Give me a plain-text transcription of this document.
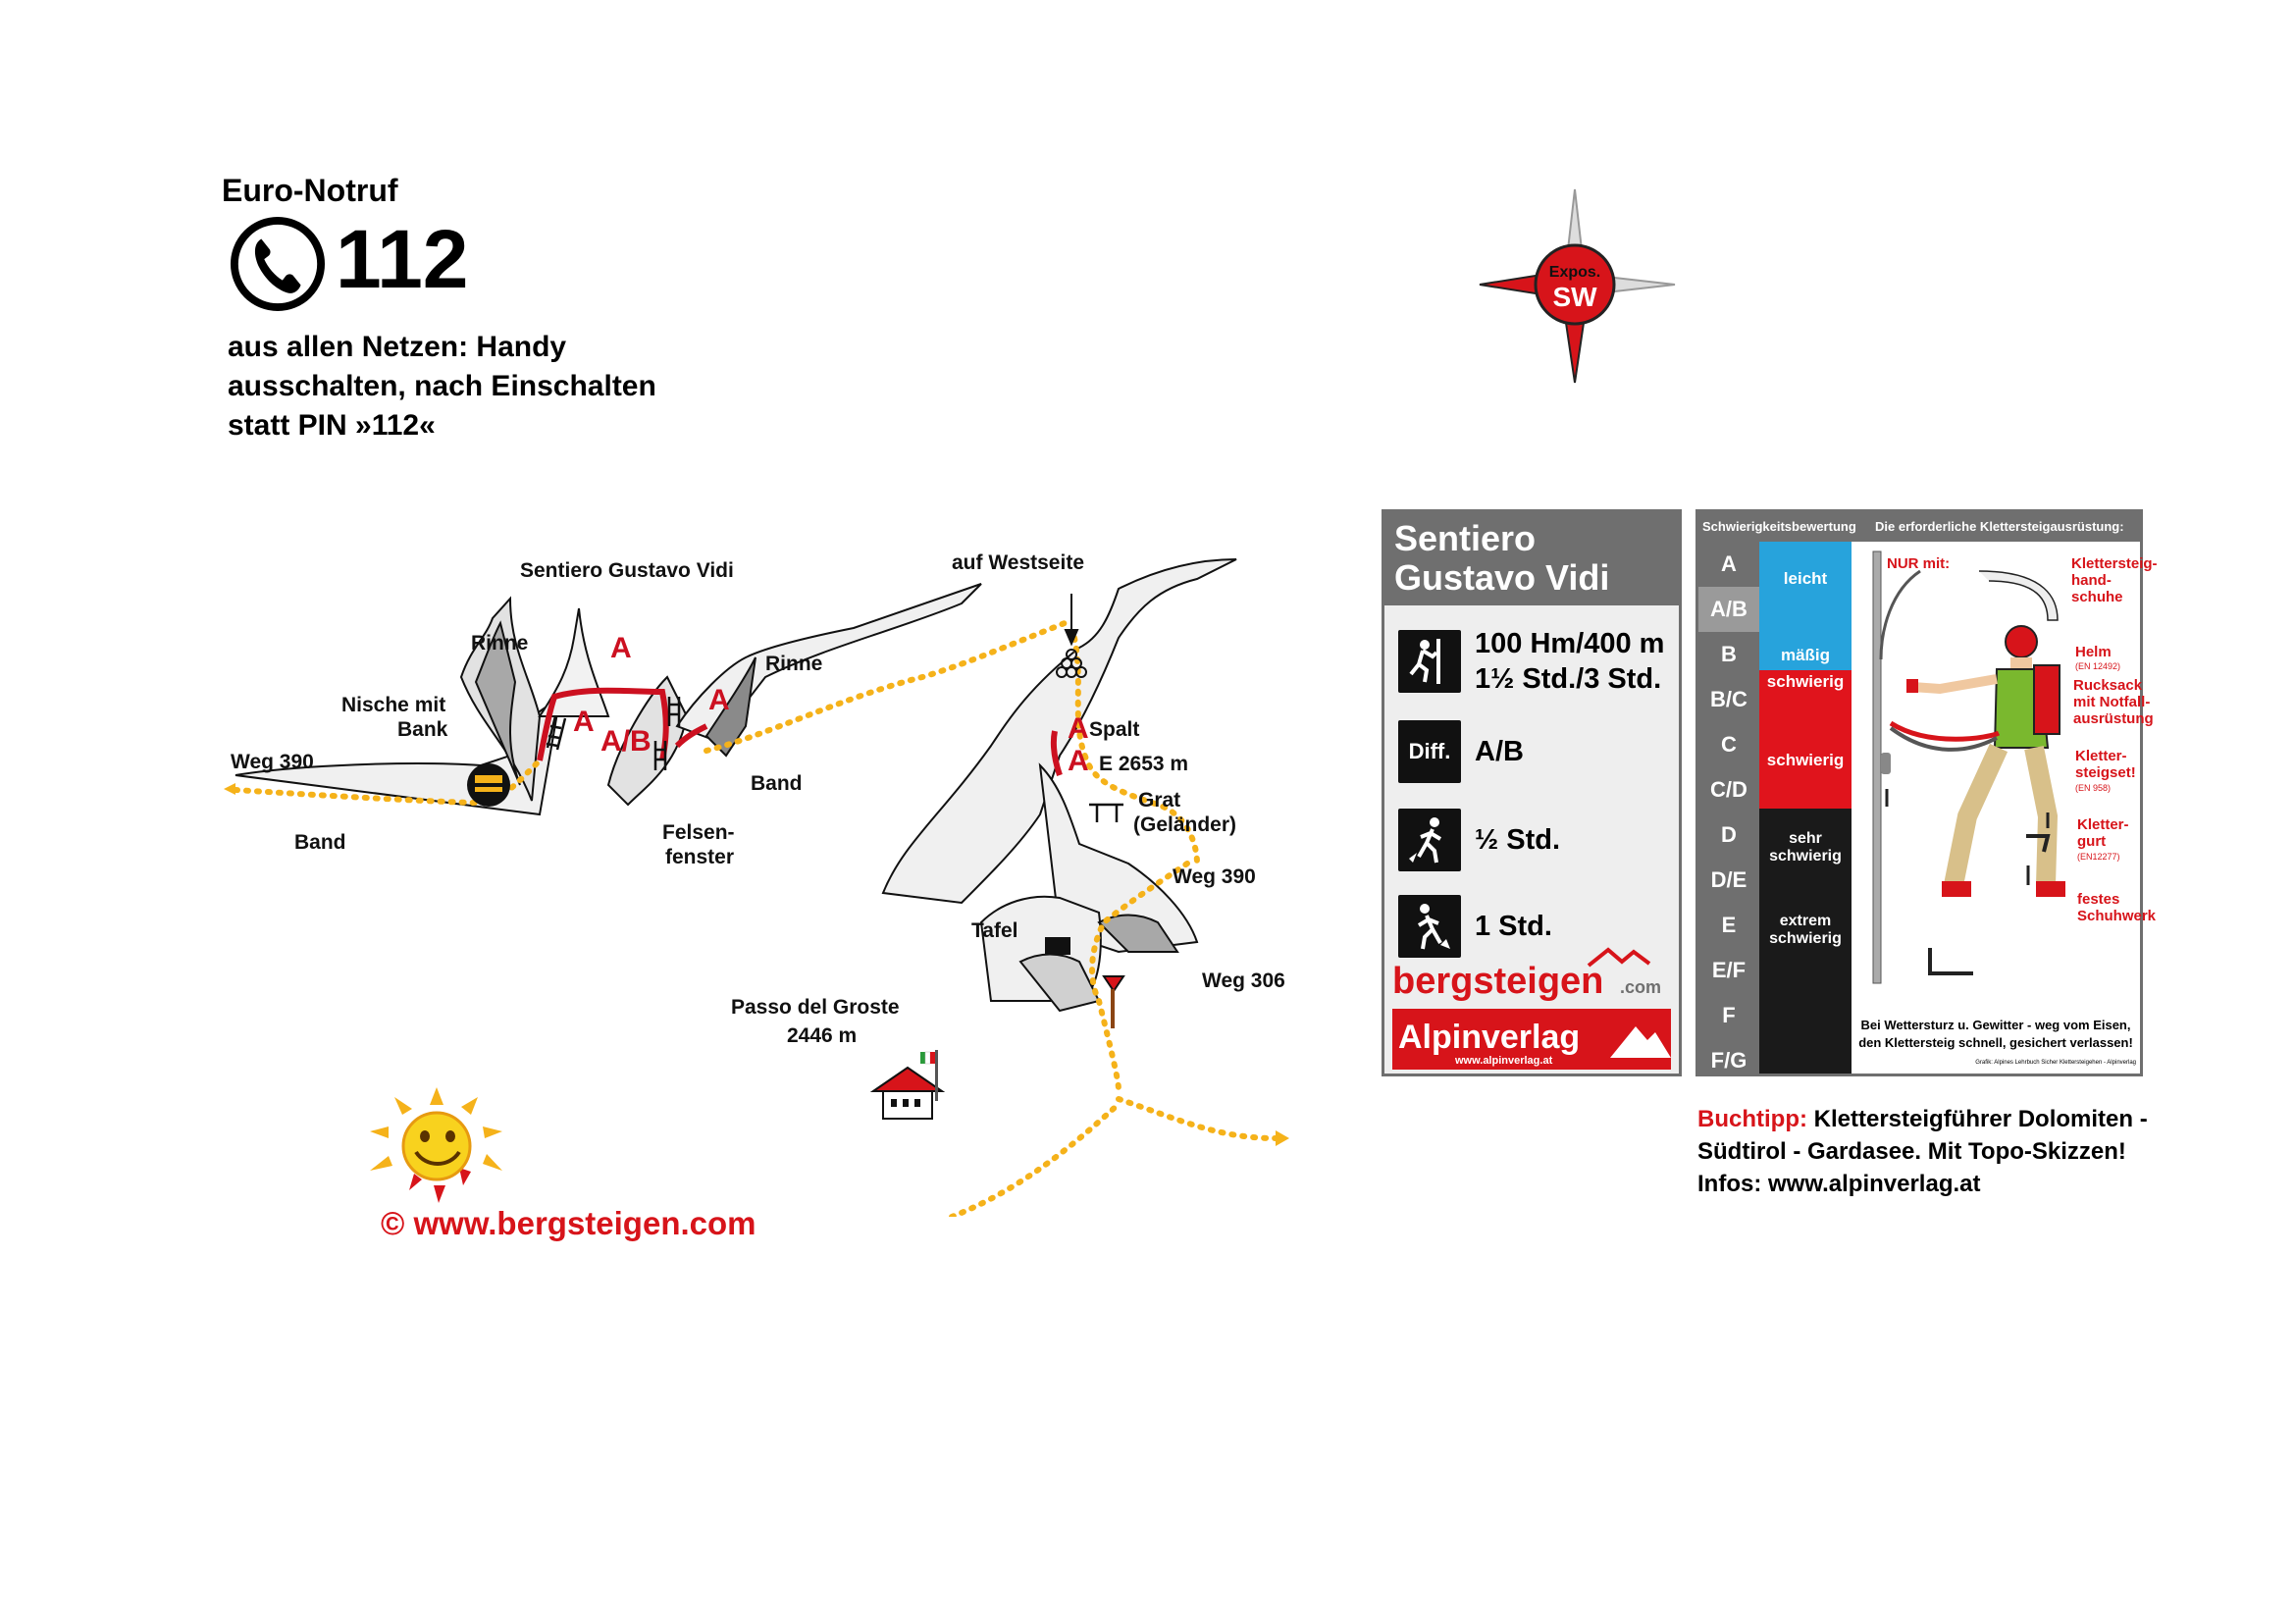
Euro-Notruf
112
aus allen Netzen: Handy
ausschalten, nach Einschalten
statt PIN »112«
Expos.
SW
Sentiero Gustavo Vidi
Weg 390
Band
Nische mit
Bank
Rinne
Rinne
Band
Felsen-
fenster
auf Westseite
Spalt
E 2653 m
Grat
(Geländer)
Weg 390
Tafel
Weg 306
Passo del Groste
2446 m
A
A
A/B
A
A
A
© www.bergsteigen.com
Sentiero
Gustavo Vidi
100 Hm/400 m
1½ Std./3 Std.
Diff. A/B
½ Std.
1 Std.
bergsteigen .com
Alpinverlag
www.alpinverlag.at
Schwierigkeitsbewertung Die erforderliche Klettersteigausrüstung:
A
A/B
B
B/C
C
C/D
D
D/E
E
E/F
F
F/G
leicht
mäßig
schwierig
schwierig
sehr
schwierig
extrem
schwierig
NUR mit:	Klettersteig-
hand-
schuhe
Helm
(EN 12492)
Rucksack
mit Notfall-
ausrüstung
Kletter-
steigset!
(EN 958)
Kletter-
gurt
(EN12277)
festes
Schuhwerk
Bei Wettersturz u. Gewitter - weg vom Eisen, den Klettersteig schnell, gesichert verlassen!
Grafik: Alpines Lehrbuch Sicher Klettersteigehen - Alpinverlag
Buchtipp: Klettersteigführer Dolomiten -
Südtirol - Gardasee. Mit Topo-Skizzen!
Infos: www.alpinverlag.at
